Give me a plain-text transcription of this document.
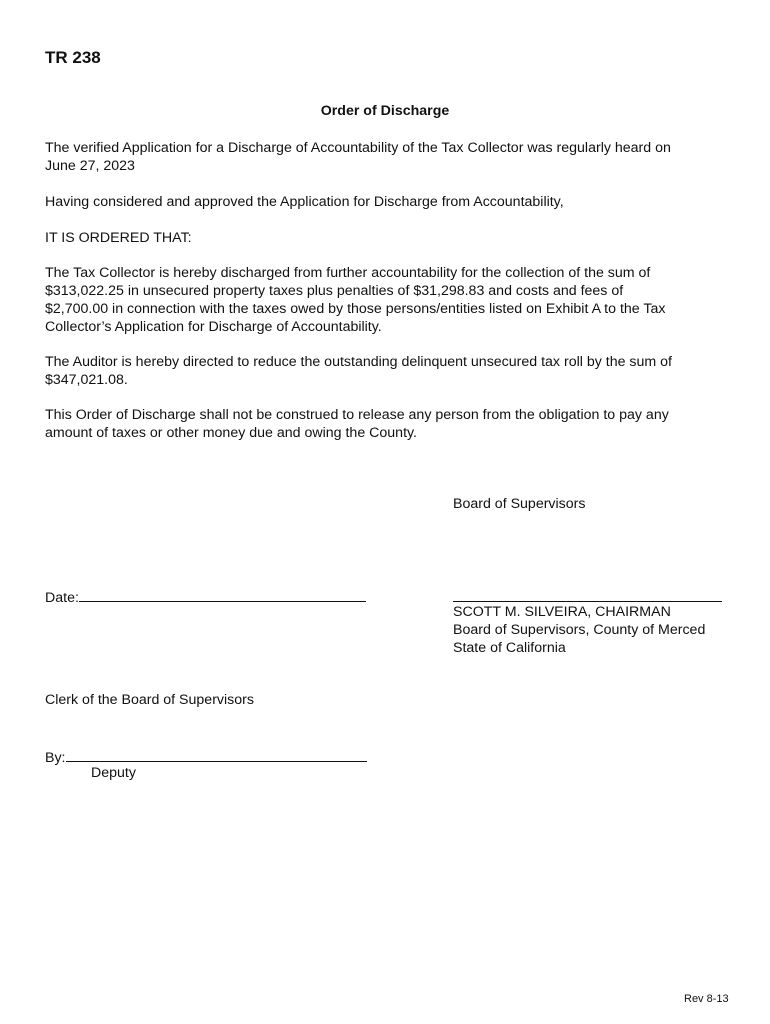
TR 238
Order of Discharge
The verified Application for a Discharge of Accountability of the Tax Collector was regularly heard on
June 27, 2023
Having considered and approved the Application for Discharge from Accountability,
IT IS ORDERED THAT:
The Tax Collector is hereby discharged from further accountability for the collection of the sum of
$313,022.25 in unsecured property taxes plus penalties of $31,298.83 and costs and fees of
$2,700.00 in connection with the taxes owed by those persons/entities listed on Exhibit A to the Tax
Collector’s Application for Discharge of Accountability.
The Auditor is hereby directed to reduce the outstanding delinquent unsecured tax roll by the sum of
$347,021.08.
This Order of Discharge shall not be construed to release any person from the obligation to pay any
amount of taxes or other money due and owing the County.
Board of Supervisors
Date:
SCOTT M. SILVEIRA, CHAIRMAN
Board of Supervisors, County of Merced
State of California
Clerk of the Board of Supervisors
By:
Deputy
Rev 8-13
